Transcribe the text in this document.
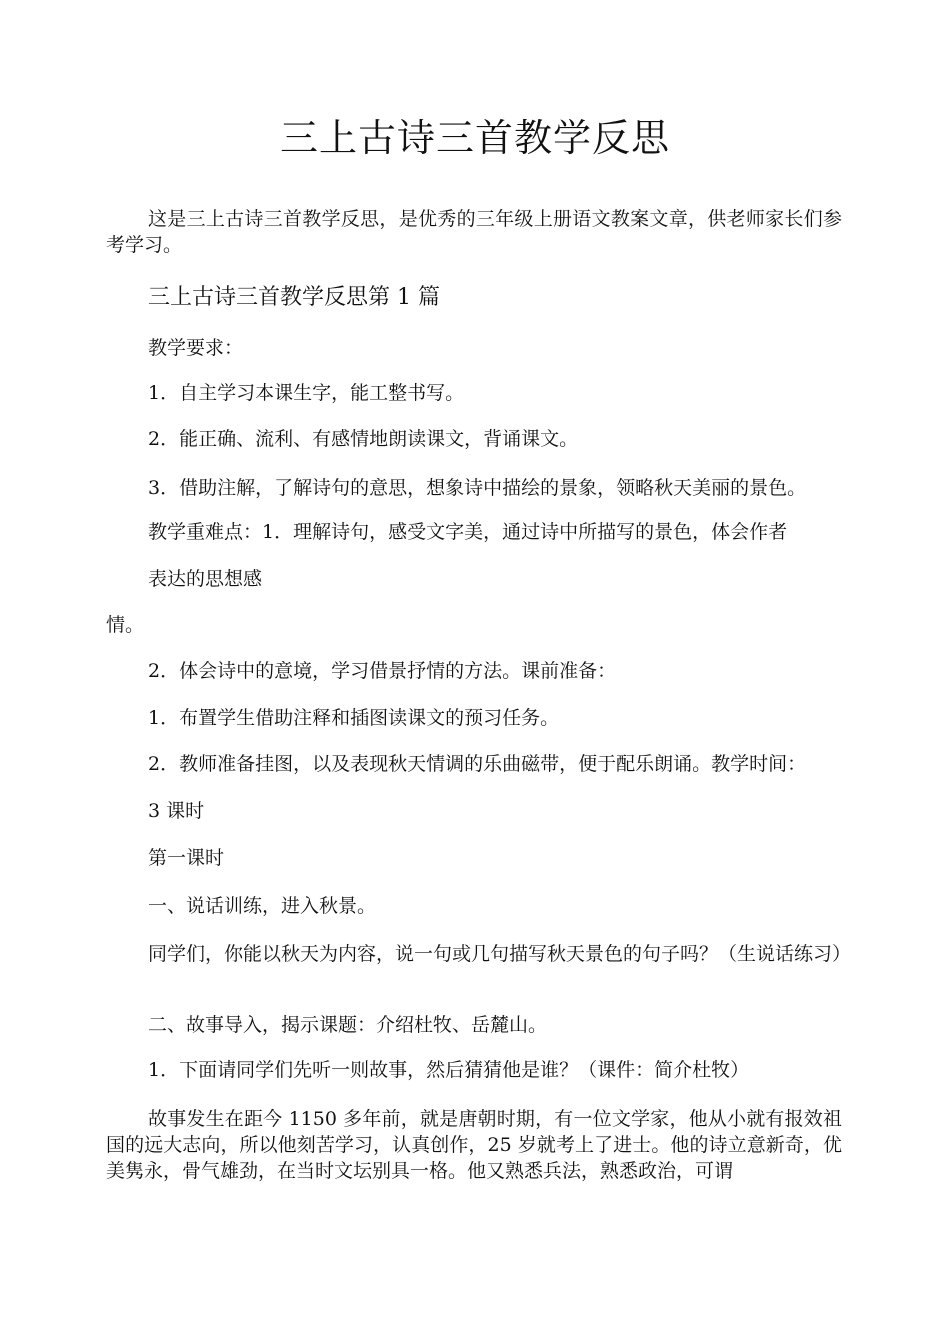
三上古诗三首教学反思
这是三上古诗三首教学反思，是优秀的三年级上册语文教案文章，供老师家长们参考学习。
三上古诗三首教学反思第 1 篇
教学要求：
1．自主学习本课生字，能工整书写。
2．能正确、流利、有感情地朗读课文，背诵课文。
3．借助注解，了解诗句的意思，想象诗中描绘的景象，领略秋天美丽的景色。
教学重难点：1．理解诗句，感受文字美，通过诗中所描写的景色，体会作者
表达的思想感
情。
2．体会诗中的意境，学习借景抒情的方法。课前准备：
1．布置学生借助注释和插图读课文的预习任务。
2．教师准备挂图，以及表现秋天情调的乐曲磁带，便于配乐朗诵。教学时间：
3 课时
第一课时
一、说话训练，进入秋景。
同学们，你能以秋天为内容，说一句或几句描写秋天景色的句子吗？（生说话练习）
二、故事导入，揭示课题：介绍杜牧、岳麓山。
1．下面请同学们先听一则故事，然后猜猜他是谁？（课件：简介杜牧）
故事发生在距今 1150 多年前，就是唐朝时期，有一位文学家，他从小就有报效祖国的远大志向，所以他刻苦学习，认真创作，25 岁就考上了进士。他的诗立意新奇，优美隽永，骨气雄劲，在当时文坛别具一格。他又熟悉兵法，熟悉政治，可谓
